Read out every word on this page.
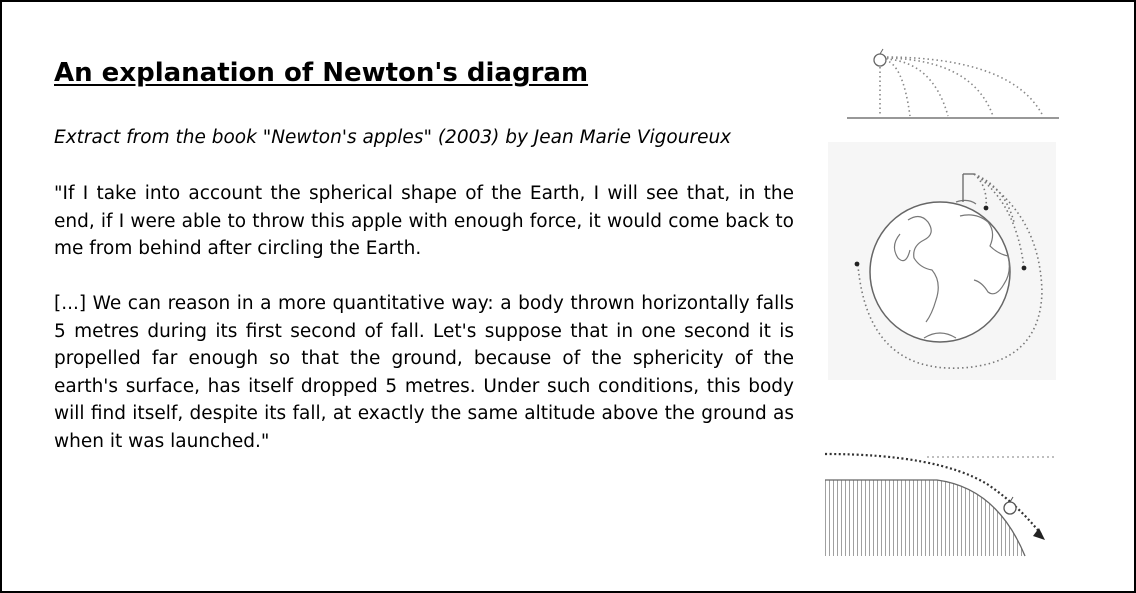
An explanation of Newton's diagram
Extract from the book "Newton's apples" (2003) by Jean Marie Vigoureux

"If I take into account the spherical shape of the Earth, I will see that, in the end, if I were able to throw this apple with enough force, it would come back to me from behind after circling the Earth.

[...] We can reason in a more quantitative way: a body thrown horizontally falls 5 metres during its first second of fall. Let's suppose that in one second it is propelled far enough so that the ground, because of the sphericity of the earth's surface, has itself dropped 5 metres. Under such conditions, this body will find itself, despite its fall, at exactly the same altitude above the ground as when it was launched."
